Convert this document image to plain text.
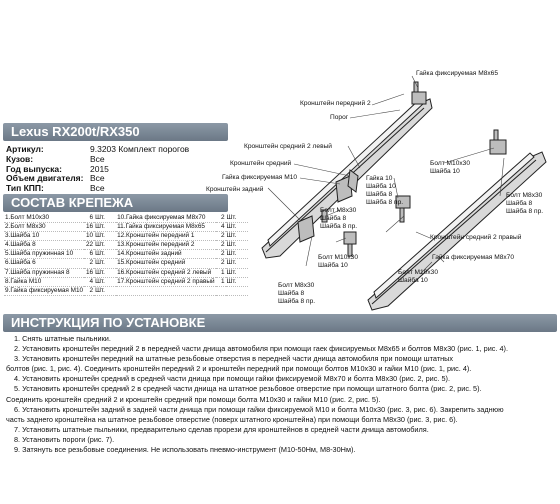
Lexus RX200t/RX350
Артикул:	9.3203 Комплект порогов
Кузов:	Все
Год выпуска:	2015
Объем двигателя: Все
Тип КПП:	Все
СОСТАВ КРЕПЕЖА
1.Болт М10х30	6	Шт.	10.Гайка фиксируемая М8х70	2	Шт.
2.Болт М8х30	16	Шт.	11.Гайка фиксируемая М8х65	4	Шт.
3.Шайба 10	10	Шт.	12.Кронштейн передний 1	2	Шт.
4.Шайба 8	22	Шт.	13.Кронштейн передний 2	2	Шт.
5.Шайба пружинная 10	6	Шт.	14.Кронштейн задний	2	Шт.
6.Шайба 6	2	Шт.	15.Кронштейн средний	2	Шт.
7.Шайба пружинная 8	16	Шт.	16.Кронштейн средний 2 левый	1	Шт.
8.Гайка М10	4	Шт.	17.Кронштейн средний 2 правый	1	Шт.
9.Гайка фиксируемая М10	2	Шт.			
ИНСТРУКЦИЯ ПО УСТАНОВКЕ
1. Снять штатные пыльники.
2. Установить кронштейн передний 2 в передней части днища автомобиля при помощи гаек фиксируемых М8х65 и болтов М8х30 (рис. 1, рис. 4).
3. Установить кронштейн передний на штатные резьбовые отверстия в передней части днища автомобиля при помощи штатных
болтов (рис. 1, рис. 4). Соединить кронштейн передний 2 и кронштейн передний при помощи болтов М10х30 и гайки М10 (рис. 1, рис. 4).
4. Установить кронштейн средний в средней части днища при помощи гайки фиксируемой М8х70 и болта М8х30 (рис. 2, рис. 5).
5. Установить кронштейн средний 2 в средней части днища на штатное резьбовое отверстие при помощи штатного болта (рис. 2, рис. 5).
Соединить кронштейн средний 2 и кронштейн средний при помощи болта М10х30 и гайки М10 (рис. 2, рис. 5).
6. Установить кронштейн задний в задней части днища при помощи гайки фиксируемой М10 и болта М10х30 (рис. 3, рис. 6). Закрепить заднюю
часть заднего кронштейна на штатное резьбовое отверстие (поверх штатного кронштейна) при помощи болта М8х30 (рис. 3, рис. 6).
7. Установить штатные пыльники, предварительно сделав прорези для кронштейнов в средней части днища автомобиля.
8. Установить пороги (рис. 7).
9. Затянуть все резьбовые соединения. Не использовать пневмо-инструмент (М10-50Нм, М8-30Нм).
Гайка фиксируемая М8х65
Кронштейн передний 2
Порог
Кронштейн средний 2 левый
Кронштейн средний
Гайка фиксируемая М10
Кронштейн задний
Болт М10х30
Шайба 10
Гайка 10
Шайба 10
Шайба 8
Шайба 8 пр.
Болт М8х30
Шайба 8
Шайба 8 пр.
Болт М8х30
Шайба 8
Шайба 8 пр.
Болт М10х30
Шайба 10
Болт М8х30
Шайба 8
Шайба 8 пр.
Кронштейн средний 2 правый
Гайка фиксируемая М8х70
Болт М10х30
Шайба 10
